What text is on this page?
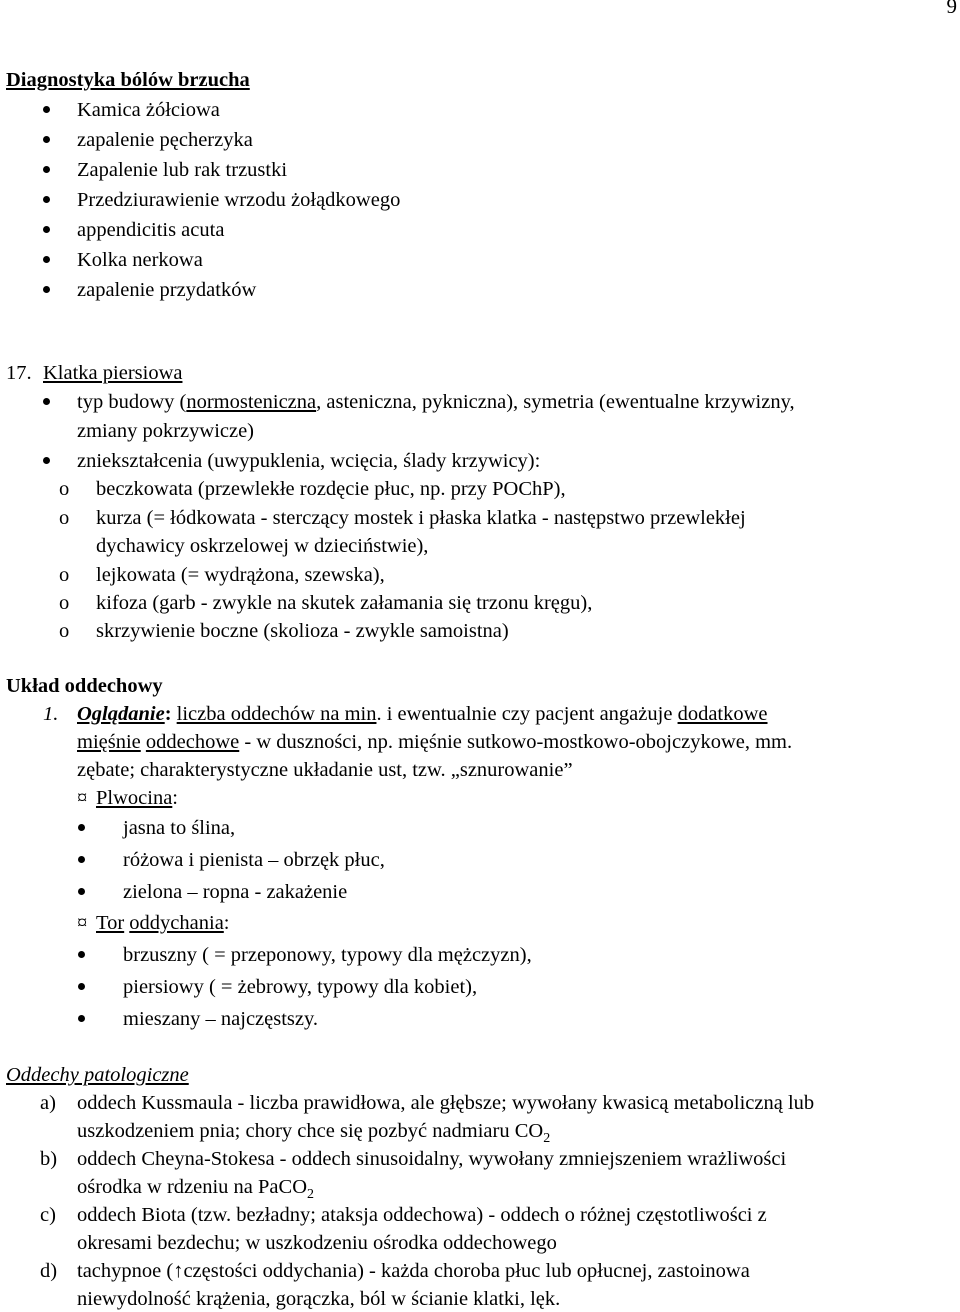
9
Diagnostyka bólów brzucha
Kamica żółciowa
zapalenie pęcherzyka
Zapalenie lub rak trzustki
Przedziurawienie wrzodu żołądkowego
appendicitis acuta
Kolka nerkowa
zapalenie przydatków
17. Klatka piersiowa
typ budowy (normosteniczna, asteniczna, pykniczna), symetria (ewentualne krzywizny,
zmiany pokrzywicze)
zniekształcenia (uwypuklenia, wcięcia, ślady krzywicy):
o beczkowata (przewlekłe rozdęcie płuc, np. przy POChP),
o kurza (= łódkowata - sterczący mostek i płaska klatka - następstwo przewlekłej
dychawicy oskrzelowej w dzieciństwie),
o lejkowata (= wydrążona, szewska),
o kifoza (garb - zwykle na skutek załamania się trzonu kręgu),
o skrzywienie boczne (skolioza - zwykle samoistna)
Układ oddechowy
1. Oglądanie: liczba oddechów na min. i ewentualnie czy pacjent angażuje dodatkowe
mięśnie oddechowe - w duszności, np. mięśnie sutkowo-mostkowo-obojczykowe, mm.
zębate; charakterystyczne układanie ust, tzw. „sznurowanie”
¤ Plwocina:
jasna to ślina,
różowa i pienista – obrzęk płuc,
zielona – ropna - zakażenie
¤ Tor oddychania:
brzuszny ( = przeponowy, typowy dla mężczyzn),
piersiowy ( = żebrowy, typowy dla kobiet),
mieszany – najczęstszy.
Oddechy patologiczne
a) oddech Kussmaula - liczba prawidłowa, ale głębsze; wywołany kwasicą metaboliczną lub
uszkodzeniem pnia; chory chce się pozbyć nadmiaru $CO_2$
b) oddech Cheyna-Stokesa - oddech sinusoidalny, wywołany zmniejszeniem wrażliwości
ośrodka w rdzeniu na PaCO$_2$
c) oddech Biota (tzw. bezładny; ataksja oddechowa) - oddech o różnej częstotliwości z
okresami bezdechu; w uszkodzeniu ośrodka oddechowego
d) tachypnoe (↑częstości oddychania) - każda choroba płuc lub opłucnej, zastoinowa
niewydolność krążenia, gorączka, ból w ścianie klatki, lęk.
